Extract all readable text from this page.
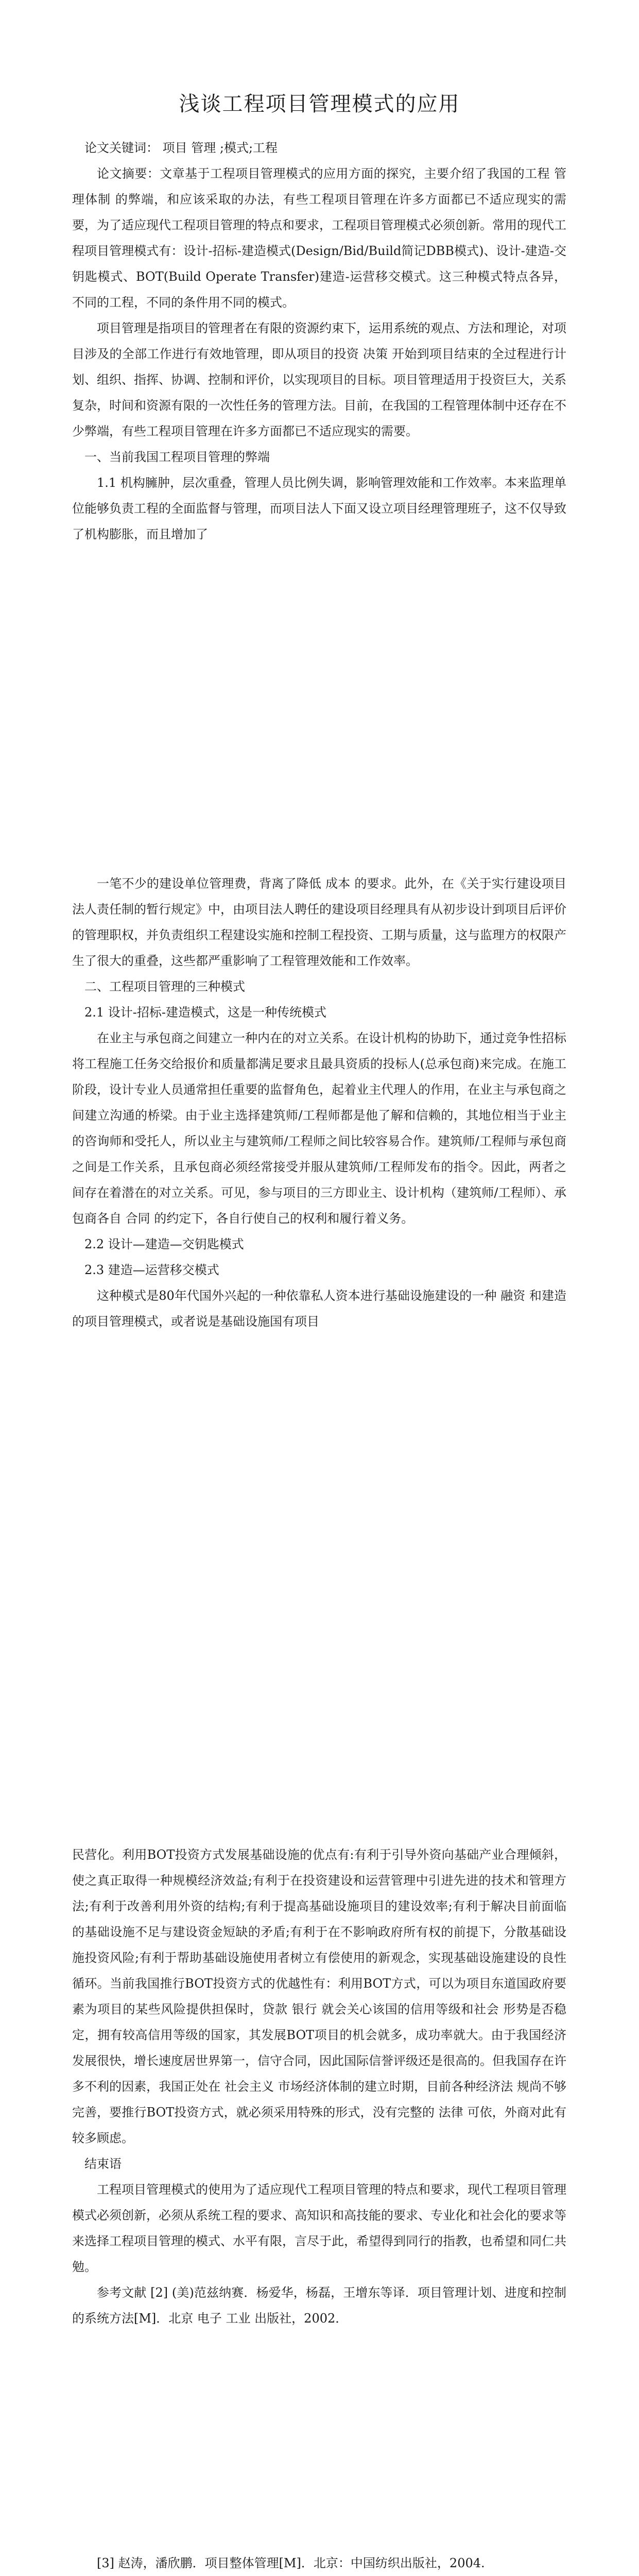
浅谈工程项目管理模式的应用

论文关键词： 项目 管理 ;模式;工程

论文摘要：文章基于工程项目管理模式的应用方面的探究，主要介绍了我国的工程 管理体制 的弊端，和应该采取的办法，有些工程项目管理在许多方面都已不适应现实的需要，为了适应现代工程项目管理的特点和要求，工程项目管理模式必须创新。常用的现代工程项目管理模式有：设计-招标-建造模式(Design/Bid/Build简记DBB模式)、设计-建造-交钥匙模式、BOT(Build Operate Transfer)建造-运营移交模式。这三种模式特点各异， 不同的工程，不同的条件用不同的模式。

项目管理是指项目的管理者在有限的资源约束下，运用系统的观点、方法和理论，对项目涉及的全部工作进行有效地管理，即从项目的投资 决策 开始到项目结束的全过程进行计划、组织、指挥、协调、控制和评价，以实现项目的目标。项目管理适用于投资巨大，关系复杂，时间和资源有限的一次性任务的管理方法。目前，在我国的工程管理体制中还存在不少弊端，有些工程项目管理在许多方面都已不适应现实的需要。

一、当前我国工程项目管理的弊端

1.1 机构臃肿，层次重叠，管理人员比例失调，影响管理效能和工作效率。本来监理单位能够负责工程的全面监督与管理，而项目法人下面又设立项目经理管理班子，这不仅导致了机构膨胀，而且增加了

一笔不少的建设单位管理费，背离了降低 成本 的要求。此外，在《关于实行建设项目法人责任制的暂行规定》中，由项目法人聘任的建设项目经理具有从初步设计到项目后评价的管理职权，并负责组织工程建设实施和控制工程投资、工期与质量，这与监理方的权限产生了很大的重叠，这些都严重影响了工程管理效能和工作效率。

二、工程项目管理的三种模式

2.1 设计-招标-建造模式，这是一种传统模式

在业主与承包商之间建立一种内在的对立关系。在设计机构的协助下，通过竞争性招标将工程施工任务交给报价和质量都满足要求且最具资质的投标人(总承包商)来完成。在施工阶段，设计专业人员通常担任重要的监督角色，起着业主代理人的作用，在业主与承包商之间建立沟通的桥梁。由于业主选择建筑师/工程师都是他了解和信赖的，其地位相当于业主的咨询师和受托人，所以业主与建筑师/工程师之间比较容易合作。建筑师/工程师与承包商之间是工作关系，且承包商必须经常接受并服从建筑师/工程师发布的指令。因此，两者之间存在着潜在的对立关系。可见，参与项目的三方即业主、设计机构（建筑师/工程师）、承包商各自 合同 的约定下，各自行使自己的权利和履行着义务。

2.2 设计—建造—交钥匙模式

2.3 建造—运营移交模式

这种模式是80年代国外兴起的一种依靠私人资本进行基础设施建设的一种 融资 和建造的项目管理模式，或者说是基础设施国有项目

民营化。利用BOT投资方式发展基础设施的优点有:有利于引导外资向基础产业合理倾斜，使之真正取得一种规模经济效益;有利于在投资建设和运营管理中引进先进的技术和管理方法;有利于改善利用外资的结构;有利于提高基础设施项目的建设效率;有利于解决目前面临的基础设施不足与建设资金短缺的矛盾;有利于在不影响政府所有权的前提下，分散基础设施投资风险;有利于帮助基础设施使用者树立有偿使用的新观念，实现基础设施建设的良性循环。当前我国推行BOT投资方式的优越性有：利用BOT方式，可以为项目东道国政府要素为项目的某些风险提供担保时，贷款 银行 就会关心该国的信用等级和社会 形势是否稳定，拥有较高信用等级的国家，其发展BOT项目的机会就多，成功率就大。由于我国经济发展很快，增长速度居世界第一，信守合同，因此国际信誉评级还是很高的。但我国存在许多不利的因素，我国正处在 社会主义 市场经济体制的建立时期，目前各种经济法 规尚不够完善，要推行BOT投资方式，就必须采用特殊的形式，没有完整的 法律 可依，外商对此有较多顾虑。

结束语

工程项目管理模式的使用为了适应现代工程项目管理的特点和要求，现代工程项目管理模式必须创新，必须从系统工程的要求、高知识和高技能的要求、专业化和社会化的要求等来选择工程项目管理的模式、水平有限，言尽于此，希望得到同行的指教，也希望和同仁共勉。

参考文献 [2] (美)范兹纳赛．杨爱华，杨磊，王增东等译．项目管理计划、进度和控制的系统方法[M]．北京 电子 工业 出版社，2002．

[3] 赵涛，潘欣鹏．项目整体管理[M]．北京：中国纺织出版社，2004.
